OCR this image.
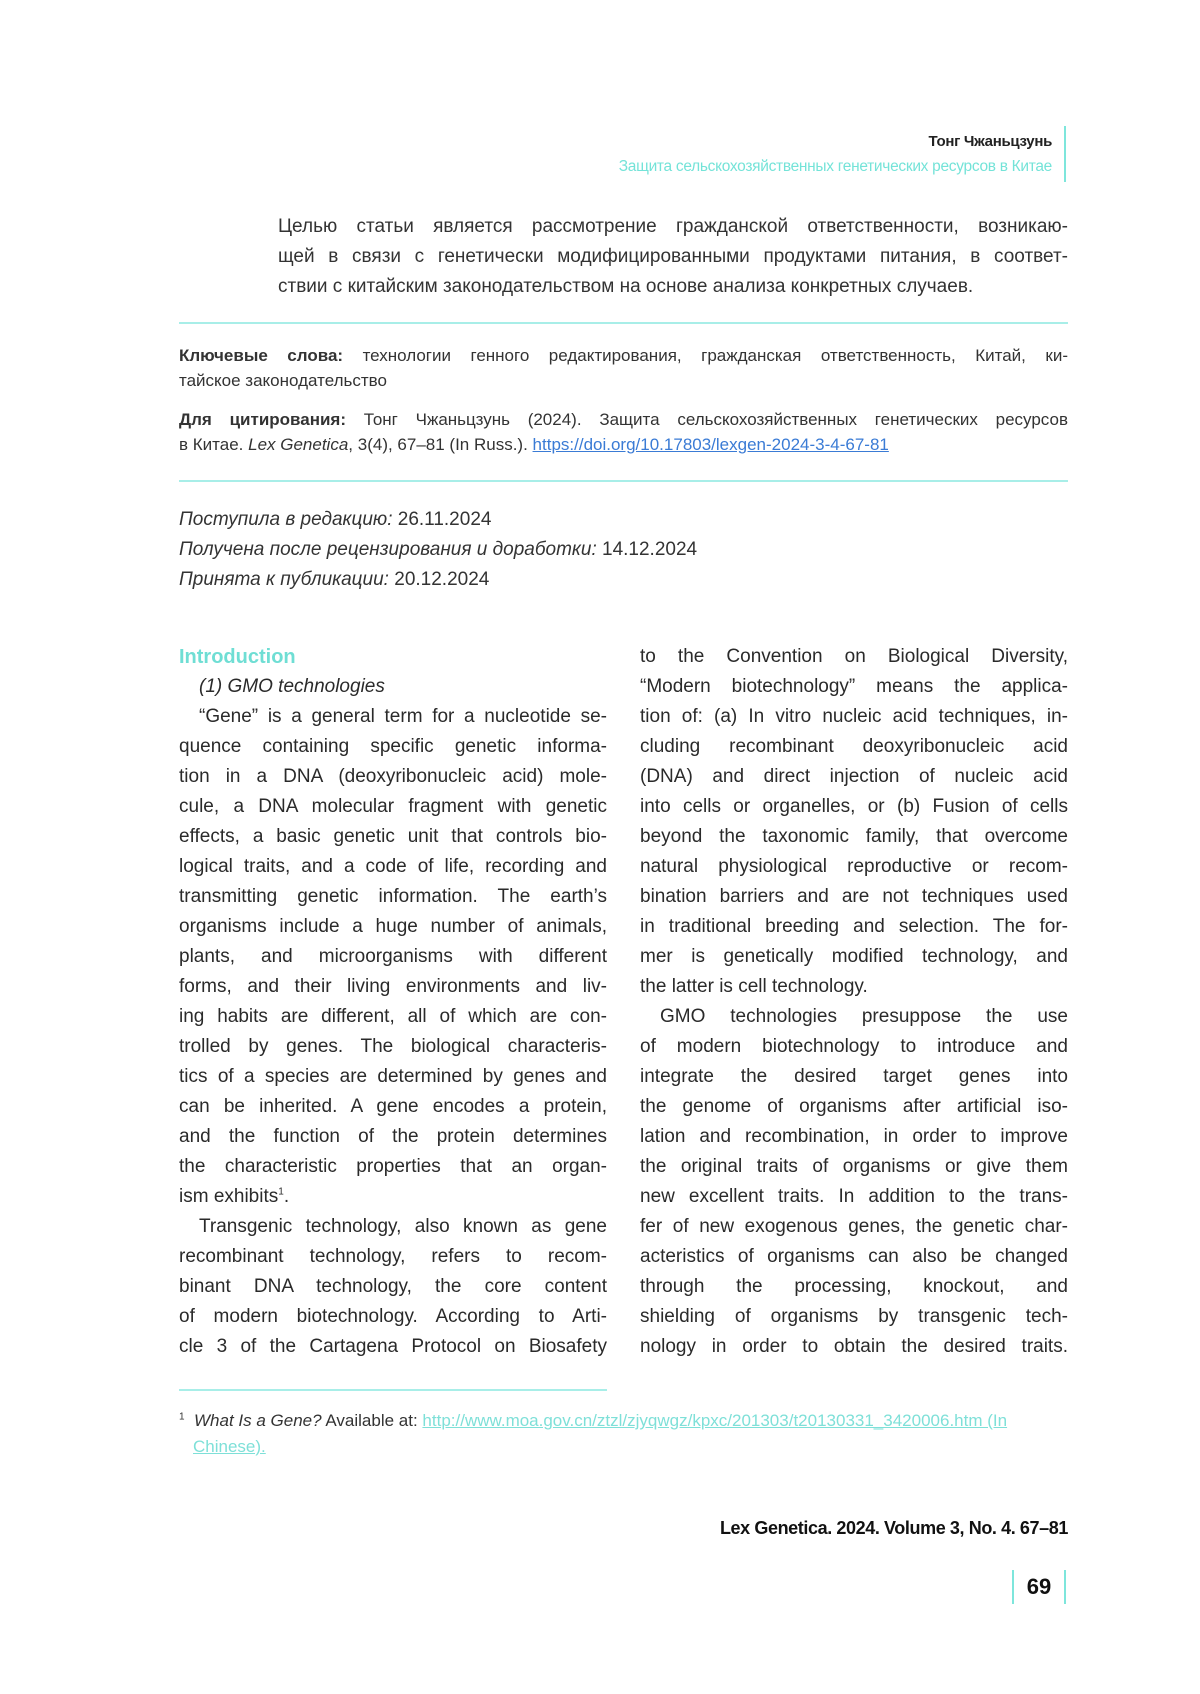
Тонг Чжаньцзунь
Защита сельскохозяйственных генетических ресурсов в Китае
Целью статьи является рассмотрение гражданской ответственности, возникаю-
щей в связи с генетически модифицированными продуктами питания, в соответ-
ствии с китайским законодательством на основе анализа конкретных случаев.
Ключевые слова: технологии генного редактирования, гражданская ответственность, Китай, ки-
тайское законодательство
Для цитирования: Тонг Чжаньцзунь (2024). Защита сельскохозяйственных генетических ресурсов
в Китае. Lex Genetica, 3(4), 67–81 (In Russ.). https://doi.org/10.17803/lexgen-2024-3-4-67-81
Поступила в редакцию: 26.11.2024
Получена после рецензирования и доработки: 14.12.2024
Принята к публикации: 20.12.2024
Introduction
(1) GMO technologies
“Gene” is a general term for a nucleotide se-
quence containing specific genetic informa-
tion in a DNA (deoxyribonucleic acid) mole-
cule, a DNA molecular fragment with genetic
effects, a basic genetic unit that controls bio-
logical traits, and a code of life, recording and
transmitting genetic information. The earth’s
organisms include a huge number of animals,
plants, and microorganisms with different
forms, and their living environments and liv-
ing habits are different, all of which are con-
trolled by genes. The biological characteris-
tics of a species are determined by genes and
can be inherited. A gene encodes a protein,
and the function of the protein determines
the characteristic properties that an organ-
ism exhibits$^1$.
Transgenic technology, also known as gene
recombinant technology, refers to recom-
binant DNA technology, the core content
of modern biotechnology. According to Arti-
cle 3 of the Cartagena Protocol on Biosafety
to the Convention on Biological Diversity,
“Modern biotechnology” means the applica-
tion of: (a) In vitro nucleic acid techniques, in-
cluding recombinant deoxyribonucleic acid
(DNA) and direct injection of nucleic acid
into cells or organelles, or (b) Fusion of cells
beyond the taxonomic family, that overcome
natural physiological reproductive or recom-
bination barriers and are not techniques used
in traditional breeding and selection. The for-
mer is genetically modified technology, and
the latter is cell technology.
GMO technologies presuppose the use
of modern biotechnology to introduce and
integrate the desired target genes into
the genome of organisms after artificial iso-
lation and recombination, in order to improve
the original traits of organisms or give them
new excellent traits. In addition to the trans-
fer of new exogenous genes, the genetic char-
acteristics of organisms can also be changed
through the processing, knockout, and
shielding of organisms by transgenic tech-
nology in order to obtain the desired traits.
$^1$ What Is a Gene? Available at: http://www.moa.gov.cn/ztzl/zjyqwgz/kpxc/201303/t20130331_3420006.htm (In
Chinese).
Lex Genetica. 2024. Volume 3, No. 4. 67–81
69
